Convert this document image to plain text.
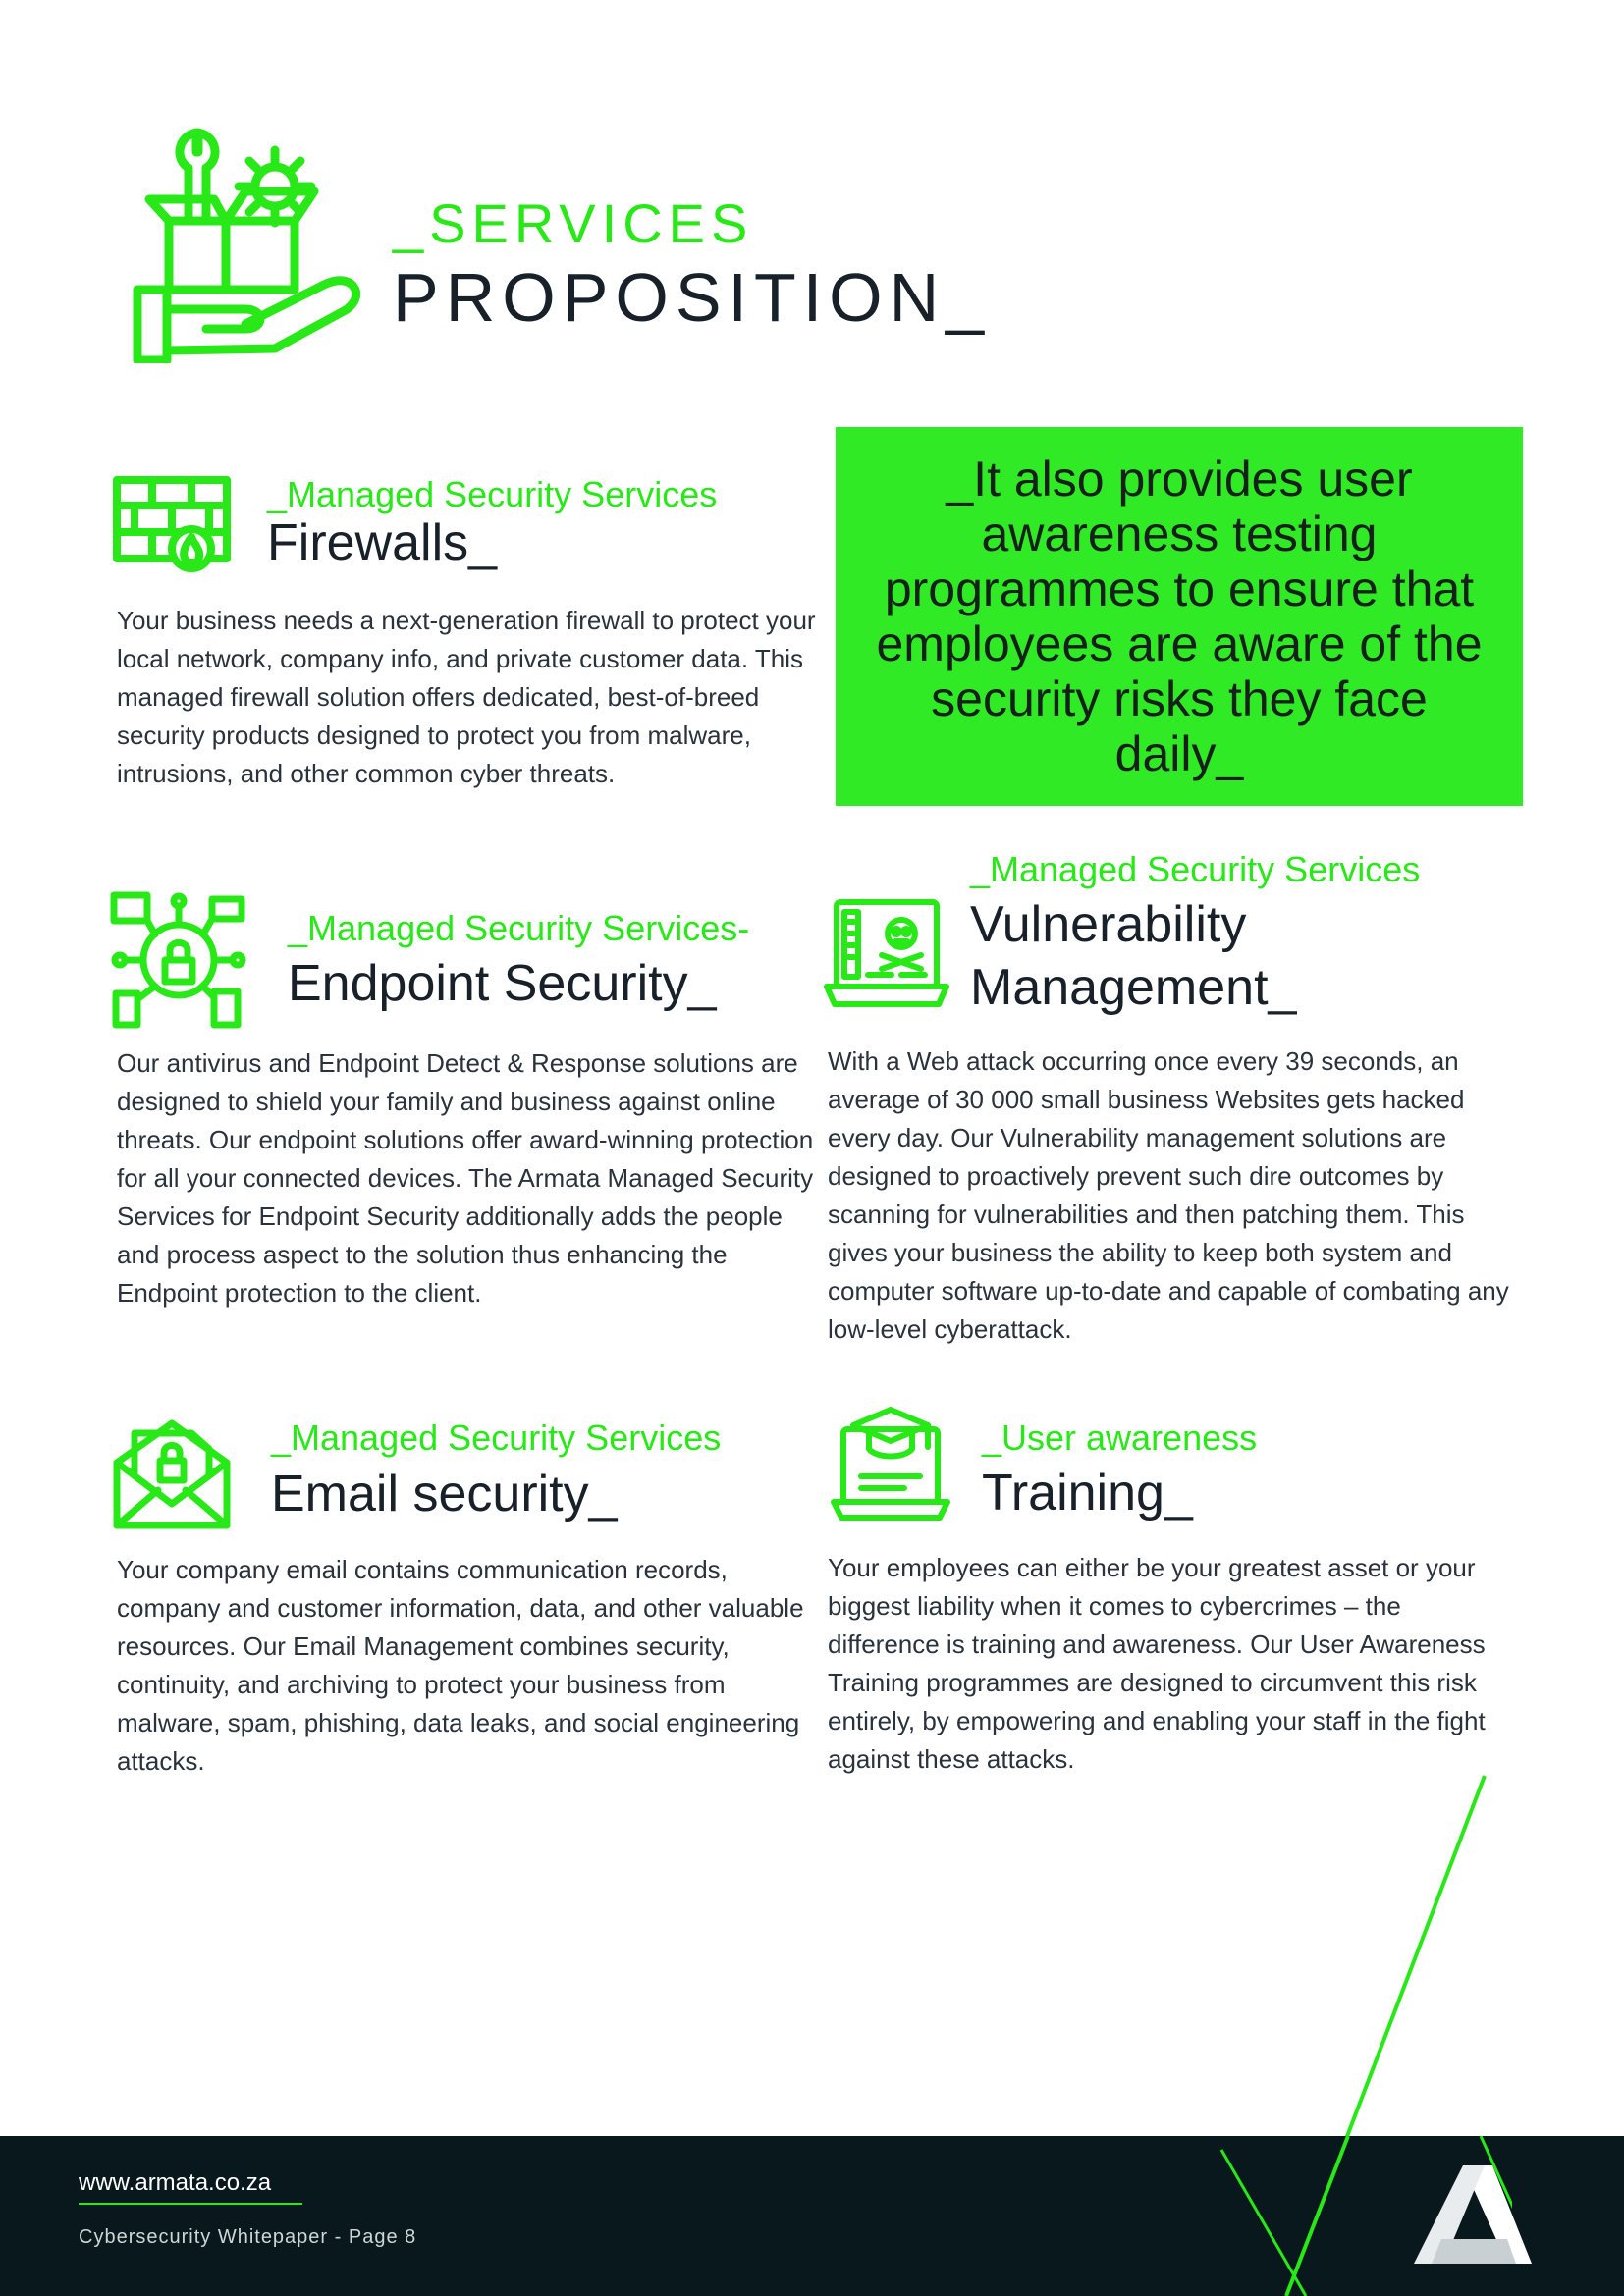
_SERVICES
PROPOSITION_
_Managed Security Services
Firewalls_
Your business needs a next-generation firewall to protect your local network, company info, and private customer data. This managed firewall solution offers dedicated, best-of-breed security products designed to protect you from malware, intrusions, and other common cyber threats.

_It also provides user awareness testing programmes to ensure that employees are aware of the security risks they face daily_

_Managed Security Services-
Endpoint Security_
Our antivirus and Endpoint Detect & Response solutions are designed to shield your family and business against online threats. Our endpoint solutions offer award-winning protection for all your connected devices. The Armata Managed Security Services for Endpoint Security additionally adds the people and process aspect to the solution thus enhancing the Endpoint protection to the client.
_Managed Security Services
Vulnerability
Management_
With a Web attack occurring once every 39 seconds, an average of 30 000 small business Websites gets hacked every day. Our Vulnerability management solutions are designed to proactively prevent such dire outcomes by scanning for vulnerabilities and then patching them. This gives your business the ability to keep both system and computer software up-to-date and capable of combating any low-level cyberattack.
_Managed Security Services
Email security_
Your company email contains communication records, company and customer information, data, and other valuable resources. Our Email Management combines security, continuity, and archiving to protect your business from malware, spam, phishing, data leaks, and social engineering attacks.
_User awareness
Training_
Your employees can either be your greatest asset or your biggest liability when it comes to cybercrimes – the difference is training and awareness. Our User Awareness Training programmes are designed to circumvent this risk entirely, by empowering and enabling your staff in the fight against these attacks.
www.armata.co.za
Cybersecurity Whitepaper - Page 8
